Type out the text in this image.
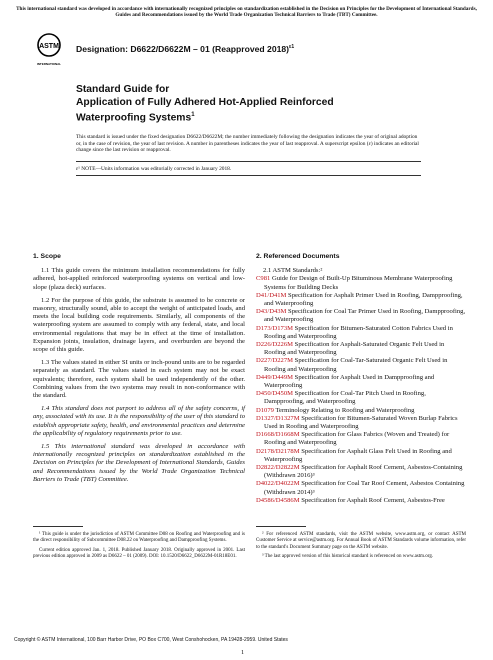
This international standard was developed in accordance with internationally recognized principles on standardization established in the Decision on Principles for the Development of International Standards, Guides and Recommendations issued by the World Trade Organization Technical Barriers to Trade (TBT) Committee.
ASTM
INTERNATIONAL
Designation: D6622/D6622M – 01 (Reapproved 2018)$^{\varepsilon 1}$
Standard Guide for
Application of Fully Adhered Hot-Applied Reinforced
Waterproofing Systems$^1$
This standard is issued under the fixed designation D6622/D6622M; the number immediately following the designation indicates the year of original adoption or, in the case of revision, the year of last revision. A number in parentheses indicates the year of last reapproval. A superscript epsilon (ε) indicates an editorial change since the last revision or reapproval.
ε¹ NOTE—Units information was editorially corrected in January 2018.
1. Scope

1.1 This guide covers the minimum installation recommendations for fully adhered, hot-applied reinforced waterproofing systems on vertical and low-slope (plaza deck) surfaces.

1.2 For the purpose of this guide, the substrate is assumed to be concrete or masonry, structurally sound, able to accept the weight of anticipated loads, and meets the local building code requirements. Similarly, all components of the waterproofing system are assumed to comply with any federal, state, and local environmental regulations that may be in effect at the time of installation. Expansion joints, insulation, drainage layers, and overburden are beyond the scope of this guide.

1.3 The values stated in either SI units or inch-pound units are to be regarded separately as standard. The values stated in each system may not be exact equivalents; therefore, each system shall be used independently of the other. Combining values from the two systems may result in non-conformance with the standard.

1.4 This standard does not purport to address all of the safety concerns, if any, associated with its use. It is the responsibility of the user of this standard to establish appropriate safety, health, and environmental practices and determine the applicability of regulatory requirements prior to use.

1.5 This international standard was developed in accordance with internationally recognized principles on standardization established in the Decision on Principles for the Development of International Standards, Guides and Recommendations issued by the World Trade Organization Technical Barriers to Trade (TBT) Committee.

¹ This guide is under the jurisdiction of ASTM Committee D08 on Roofing and Waterproofing and is the direct responsibility of Subcommittee D08.22 on Waterproofing and Dampproofing Systems.

Current edition approved Jan. 1, 2018. Published January 2018. Originally approved in 2001. Last previous edition approved in 2009 as D6622 – 01 (2009). DOI: 10.1520/D6622_D6622M-01R18E01.

2. Referenced Documents

2.1 ASTM Standards:²

C981 Guide for Design of Built-Up Bituminous Membrane Waterproofing Systems for Building Decks

D41/D41M Specification for Asphalt Primer Used in Roofing, Dampproofing, and Waterproofing

D43/D43M Specification for Coal Tar Primer Used in Roofing, Dampproofing, and Waterproofing

D173/D173M Specification for Bitumen-Saturated Cotton Fabrics Used in Roofing and Waterproofing

D226/D226M Specification for Asphalt-Saturated Organic Felt Used in Roofing and Waterproofing

D227/D227M Specification for Coal-Tar-Saturated Organic Felt Used in Roofing and Waterproofing

D449/D449M Specification for Asphalt Used in Dampproofing and Waterproofing

D450/D450M Specification for Coal-Tar Pitch Used in Roofing, Dampproofing, and Waterproofing

D1079 Terminology Relating to Roofing and Waterproofing

D1327/D1327M Specification for Bitumen-Saturated Woven Burlap Fabrics Used in Roofing and Waterproofing

D1668/D1668M Specification for Glass Fabrics (Woven and Treated) for Roofing and Waterproofing

D2178/D2178M Specification for Asphalt Glass Felt Used in Roofing and Waterproofing

D2822/D2822M Specification for Asphalt Roof Cement, Asbestos-Containing (Withdrawn 2016)³

D4022/D4022M Specification for Coal Tar Roof Cement, Asbestos Containing (Withdrawn 2014)³

D4586/D4586M Specification for Asphalt Roof Cement, Asbestos-Free

² For referenced ASTM standards, visit the ASTM website, www.astm.org, or contact ASTM Customer Service at service@astm.org. For Annual Book of ASTM Standards volume information, refer to the standard's Document Summary page on the ASTM website.

³ The last approved version of this historical standard is referenced on www.astm.org.

Copyright © ASTM International, 100 Barr Harbor Drive, PO Box C700, West Conshohocken, PA 19428-2959. United States
1
